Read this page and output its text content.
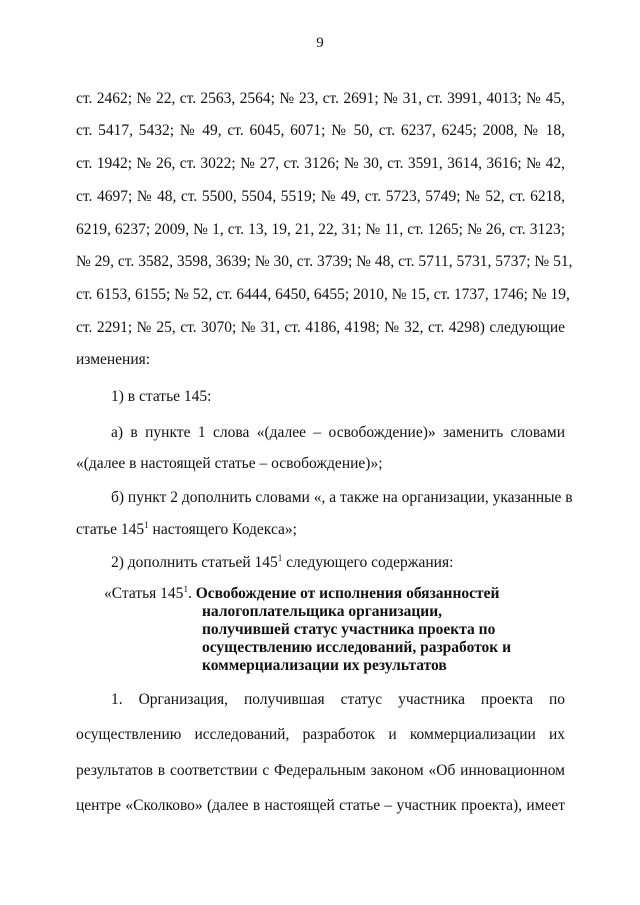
9
ст. 2462; № 22, ст. 2563, 2564; № 23, ст. 2691; № 31, ст. 3991, 4013; № 45,
ст. 5417, 5432; № 49, ст. 6045, 6071; № 50, ст. 6237, 6245; 2008, № 18,
ст. 1942; № 26, ст. 3022; № 27, ст. 3126; № 30, ст. 3591, 3614, 3616; № 42,
ст. 4697; № 48, ст. 5500, 5504, 5519; № 49, ст. 5723, 5749; № 52, ст. 6218,
6219, 6237; 2009, № 1, ст. 13, 19, 21, 22, 31; № 11, ст. 1265; № 26, ст. 3123;
№ 29, ст. 3582, 3598, 3639; № 30, ст. 3739; № 48, ст. 5711, 5731, 5737; № 51,
ст. 6153, 6155; № 52, ст. 6444, 6450, 6455; 2010, № 15, ст. 1737, 1746; № 19,
ст. 2291; № 25, ст. 3070; № 31, ст. 4186, 4198; № 32, ст. 4298) следующие
изменения:
1) в статье 145:
а) в пункте 1 слова «(далее – освобождение)» заменить словами
«(далее в настоящей статье – освобождение)»;
б) пункт 2 дополнить словами «, а также на организации, указанные в
статье $145^1$ настоящего Кодекса»;
2) дополнить статьей $145^1$ следующего содержания:
«Статья $145^1$. Освобождение от исполнения обязанностей
налогоплательщика организации,
получившей статус участника проекта по
осуществлению исследований, разработок и
коммерциализации их результатов
1. Организация, получившая статус участника проекта по
осуществлению исследований, разработок и коммерциализации их
результатов в соответствии с Федеральным законом «Об инновационном
центре «Сколково» (далее в настоящей статье – участник проекта), имеет
